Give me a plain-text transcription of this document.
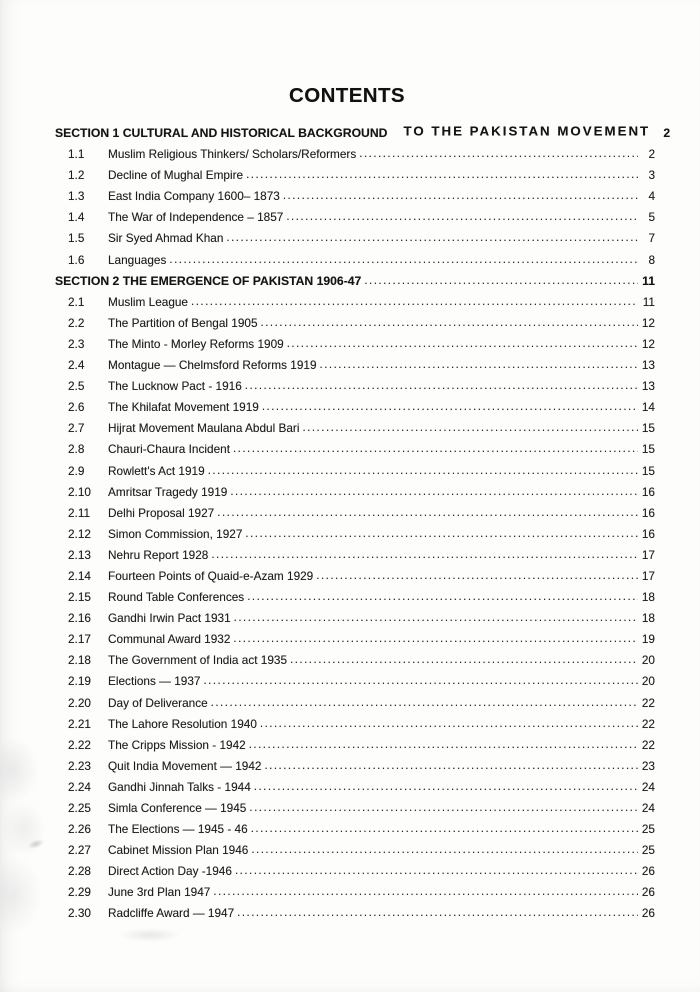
CONTENTS
SECTION 1 CULTURAL AND HISTORICAL BACKGROUND TO THE PAKISTAN MOVEMENT	2
1.1	Muslim Religious Thinkers/ Scholars/Reformers .....	2
1.2	Decline of Mughal Empire .....	3
1.3	East India Company 1600– 1873 .....	4
1.4	The War of Independence – 1857 .....	5
1.5	Sir Syed Ahmad Khan .....	7
1.6	Languages .....	8
SECTION 2 THE EMERGENCE OF PAKISTAN 1906-47 .....	11
2.1	Muslim League .....	11
2.2	The Partition of Bengal 1905 .....	12
2.3	The Minto - Morley Reforms 1909 .....	12
2.4	Montague — Chelmsford Reforms 1919 .....	13
2.5	The Lucknow Pact - 1916 .....	13
2.6	The Khilafat Movement 1919 .....	14
2.7	Hijrat Movement Maulana Abdul Bari .....	15
2.8	Chauri-Chaura Incident .....	15
2.9	Rowlett's Act 1919 .....	15
2.10	Amritsar Tragedy 1919 .....	16
2.11	Delhi Proposal 1927 .....	16
2.12	Simon Commission, 1927 .....	16
2.13	Nehru Report 1928 .....	17
2.14	Fourteen Points of Quaid-e-Azam 1929 .....	17
2.15	Round Table Conferences .....	18
2.16	Gandhi Irwin Pact 1931 .....	18
2.17	Communal Award 1932 .....	19
2.18	The Government of India act 1935 .....	20
2.19	Elections — 1937 .....	20
2.20	Day of Deliverance .....	22
2.21	The Lahore Resolution 1940 .....	22
2.22	The Cripps Mission - 1942 .....	22
2.23	Quit India Movement — 1942 .....	23
2.24	Gandhi Jinnah Talks - 1944 .....	24
2.25	Simla Conference — 1945 .....	24
2.26	The Elections — 1945 - 46 .....	25
2.27	Cabinet Mission Plan 1946 .....	25
2.28	Direct Action Day -1946 .....	26
2.29	June 3rd Plan 1947 .....	26
2.30	Radcliffe Award — 1947 .....	26
